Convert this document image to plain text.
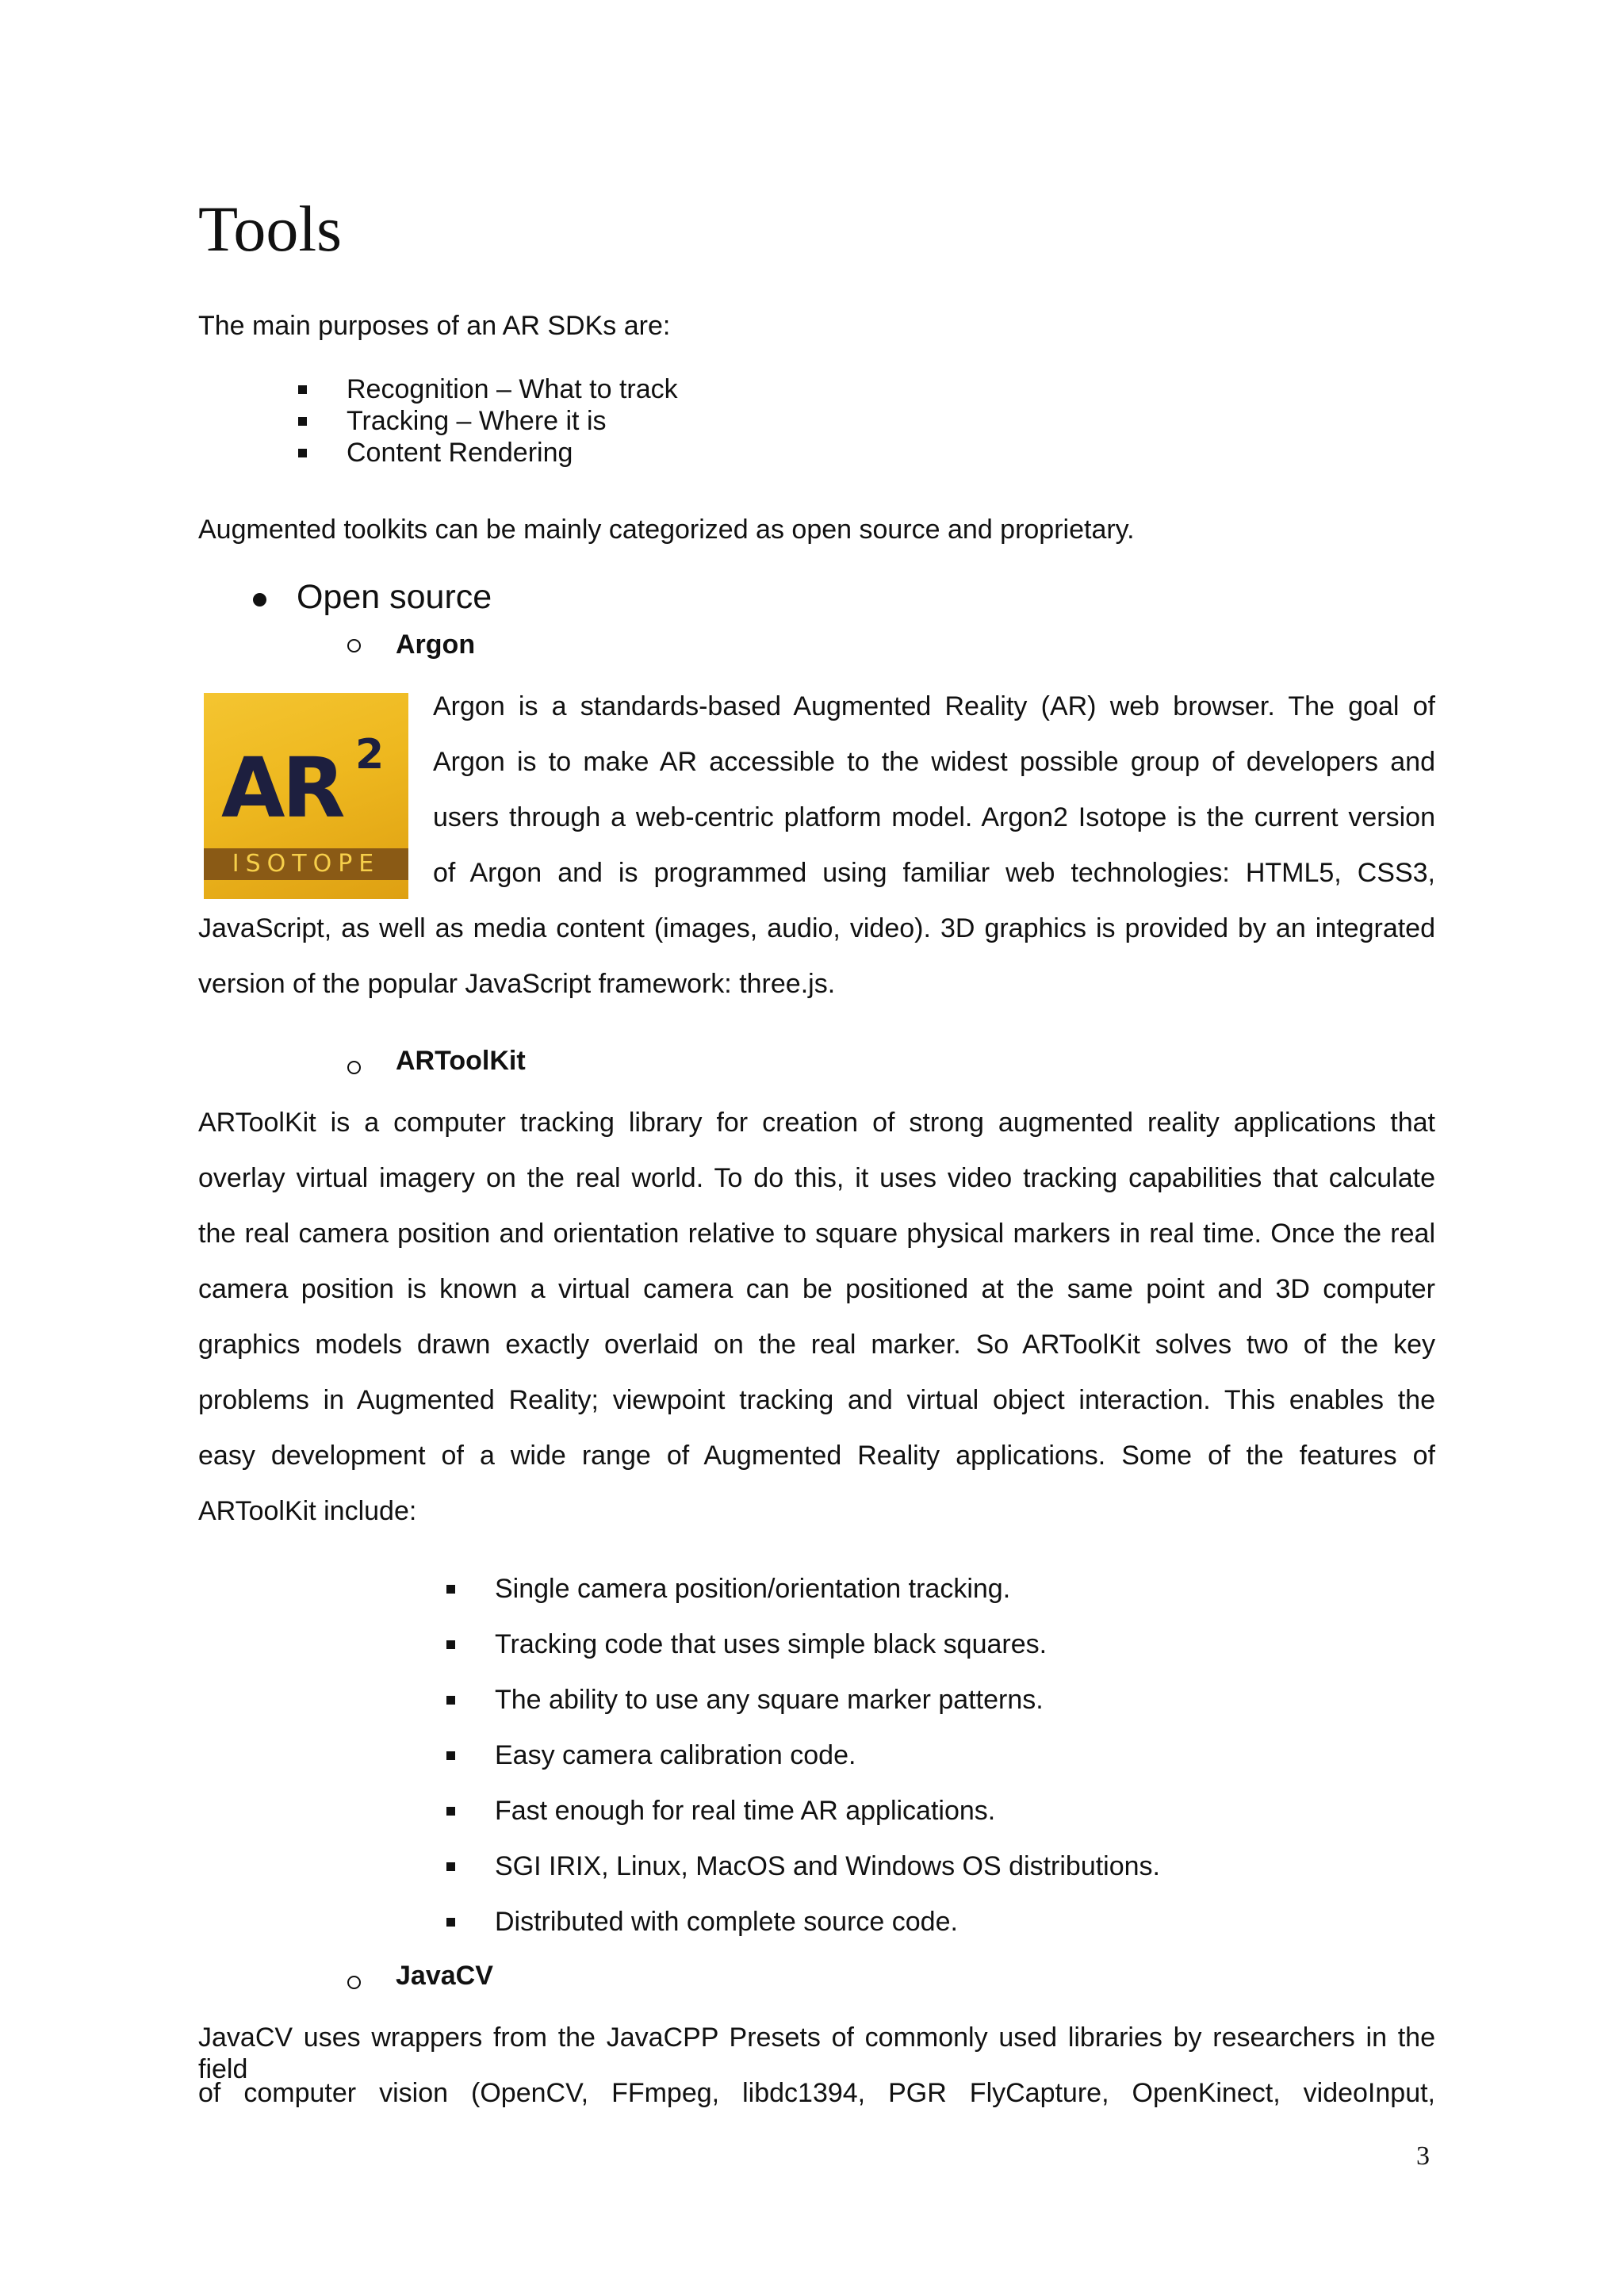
Tools

The main purposes of an AR SDKs are:

Recognition – What to track
Tracking – Where it is
Content Rendering

Augmented toolkits can be mainly categorized as open source and proprietary.

Open source
Argon
AR 2
ISOTOPE
Argon is a standards-based Augmented Reality (AR) web browser. The goal of
Argon is to make AR accessible to the widest possible group of developers and
users through a web-centric platform model. Argon2 Isotope is the current version
of Argon and is programmed using familiar web technologies: HTML5, CSS3,
JavaScript, as well as media content (images, audio, video). 3D graphics is provided by an integrated
version of the popular JavaScript framework: three.js.
ARToolKit
ARToolKit is a computer tracking library for creation of strong augmented reality applications that
overlay virtual imagery on the real world. To do this, it uses video tracking capabilities that calculate
the real camera position and orientation relative to square physical markers in real time. Once the real
camera position is known a virtual camera can be positioned at the same point and 3D computer
graphics models drawn exactly overlaid on the real marker. So ARToolKit solves two of the key
problems in Augmented Reality; viewpoint tracking and virtual object interaction. This enables the
easy development of a wide range of Augmented Reality applications. Some of the features of
ARToolKit include:
Single camera position/orientation tracking.
Tracking code that uses simple black squares.
The ability to use any square marker patterns.
Easy camera calibration code.
Fast enough for real time AR applications.
SGI IRIX, Linux, MacOS and Windows OS distributions.
Distributed with complete source code.
JavaCV
JavaCV uses wrappers from the JavaCPP Presets of commonly used libraries by researchers in the field
of computer vision (OpenCV, FFmpeg, libdc1394, PGR FlyCapture, OpenKinect, videoInput,
3
